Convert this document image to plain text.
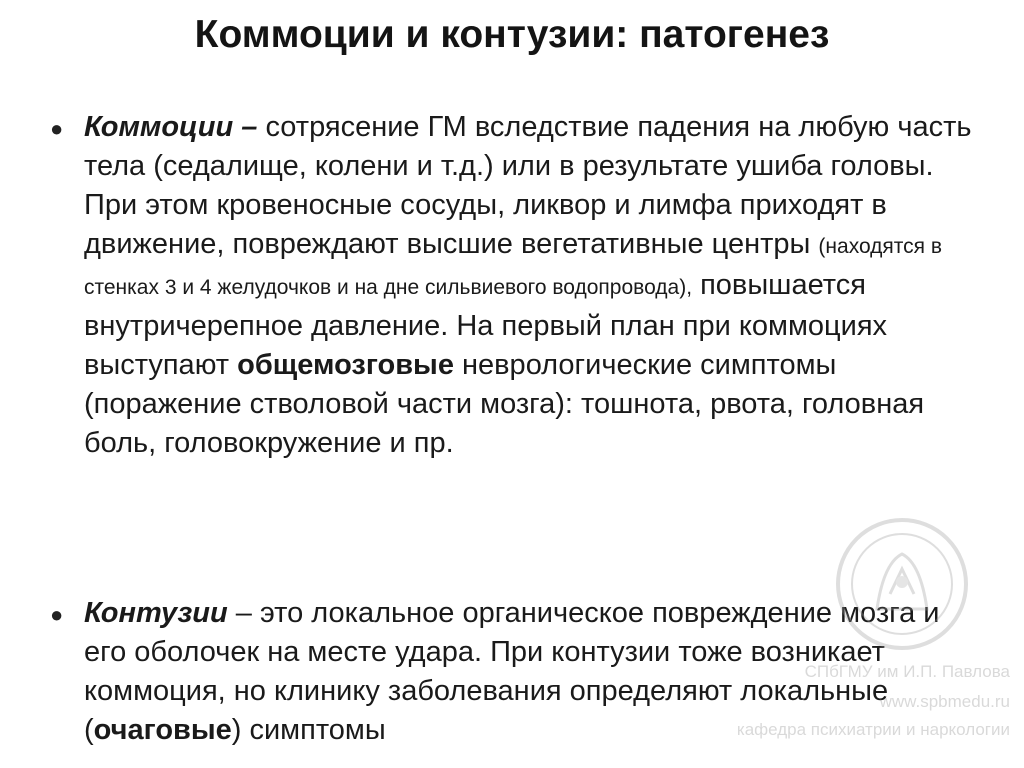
Коммоции и контузии: патогенез
● Коммоции – сотрясение ГМ вследствие падения на любую часть тела (седалище, колени и т.д.) или в результате ушиба головы. При этом кровеносные сосуды, ликвор и лимфа приходят в движение, повреждают высшие вегетативные центры (находятся в стенках 3 и 4 желудочков и на дне сильвиевого водопровода), повышается внутричерепное давление. На первый план при коммоциях выступают общемозговые неврологические симптомы (поражение стволовой части мозга): тошнота, рвота, головная боль, головокружение и пр.
● Контузии – это локальное органическое повреждение мозга и его оболочек на месте удара. При контузии тоже возникает коммоция, но клинику заболевания определяют локальные (очаговые) симптомы
СПбГМУ им И.П. Павлова
www.spbmedu.ru
кафедра психиатрии и наркологии
